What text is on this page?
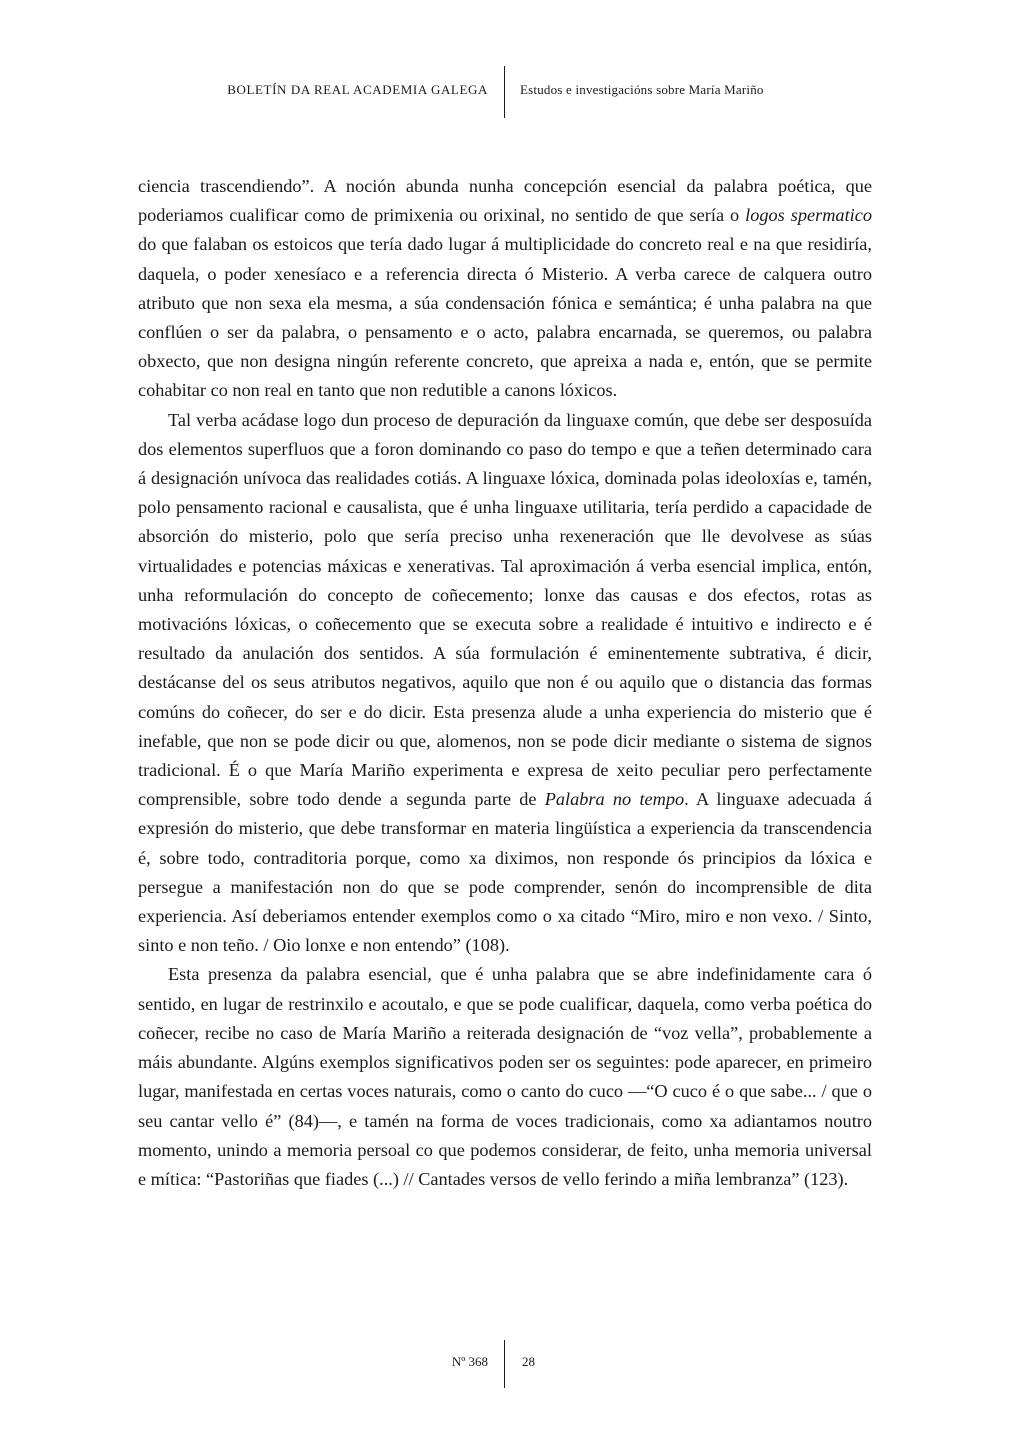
BOLETÍN DA REAL ACADEMIA GALEGA Estudos e investigacións sobre María Mariño

ciencia trascendiendo”. A noción abunda nunha concepción esencial da palabra poética, que poderiamos cualificar como de primixenia ou orixinal, no sentido de que sería o logos spermatico do que falaban os estoicos que tería dado lugar á multiplicidade do concreto real e na que residiría, daquela, o poder xenesíaco e a referencia directa ó Misterio. A verba carece de calquera outro atributo que non sexa ela mesma, a súa condensación fónica e semántica; é unha palabra na que conflúen o ser da palabra, o pensamento e o acto, palabra encarnada, se queremos, ou palabra obxecto, que non designa ningún referente concreto, que apreixa a nada e, entón, que se permite cohabitar co non real en tanto que non redutible a canons lóxicos.

Tal verba acádase logo dun proceso de depuración da linguaxe común, que debe ser desposuída dos elementos superfluos que a foron dominando co paso do tempo e que a teñen determinado cara á designación unívoca das realidades cotiás. A linguaxe lóxica, dominada polas ideoloxías e, tamén, polo pensamento racional e causalista, que é unha linguaxe utilitaria, tería perdido a capacidade de absorción do misterio, polo que sería preciso unha rexeneración que lle devolvese as súas virtualidades e potencias máxicas e xenerativas. Tal aproximación á verba esencial implica, entón, unha reformulación do concepto de coñecemento; lonxe das causas e dos efectos, rotas as motivacións lóxicas, o coñecemento que se executa sobre a realidade é intuitivo e indirecto e é resultado da anulación dos sentidos. A súa formulación é eminentemente subtrativa, é dicir, destácanse del os seus atributos negativos, aquilo que non é ou aquilo que o distancia das formas comúns do coñecer, do ser e do dicir. Esta presenza alude a unha experiencia do misterio que é inefable, que non se pode dicir ou que, alomenos, non se pode dicir mediante o sistema de signos tradicional. É o que María Mariño experimenta e expresa de xeito peculiar pero perfectamente comprensible, sobre todo dende a segunda parte de Palabra no tempo. A linguaxe adecuada á expresión do misterio, que debe transformar en materia lingüística a experiencia da transcendencia é, sobre todo, contraditoria porque, como xa diximos, non responde ós principios da lóxica e persegue a manifestación non do que se pode comprender, senón do incomprensible de dita experiencia. Así deberiamos entender exemplos como o xa citado “Miro, miro e non vexo. / Sinto, sinto e non teño. / Oio lonxe e non entendo” (108).

Esta presenza da palabra esencial, que é unha palabra que se abre indefinidamente cara ó sentido, en lugar de restrinxilo e acoutalo, e que se pode cualificar, daquela, como verba poética do coñecer, recibe no caso de María Mariño a reiterada designación de “voz vella”, probablemente a máis abundante. Algúns exemplos significativos poden ser os seguintes: pode aparecer, en primeiro lugar, manifestada en certas voces naturais, como o canto do cuco —“O cuco é o que sabe... / que o seu cantar vello é” (84)—, e tamén na forma de voces tradicionais, como xa adiantamos noutro momento, unindo a memoria persoal co que podemos considerar, de feito, unha memoria universal e mítica: “Pastoriñas que fiades (...) // Cantades versos de vello ferindo a miña lembranza” (123).

Nº 368	28
